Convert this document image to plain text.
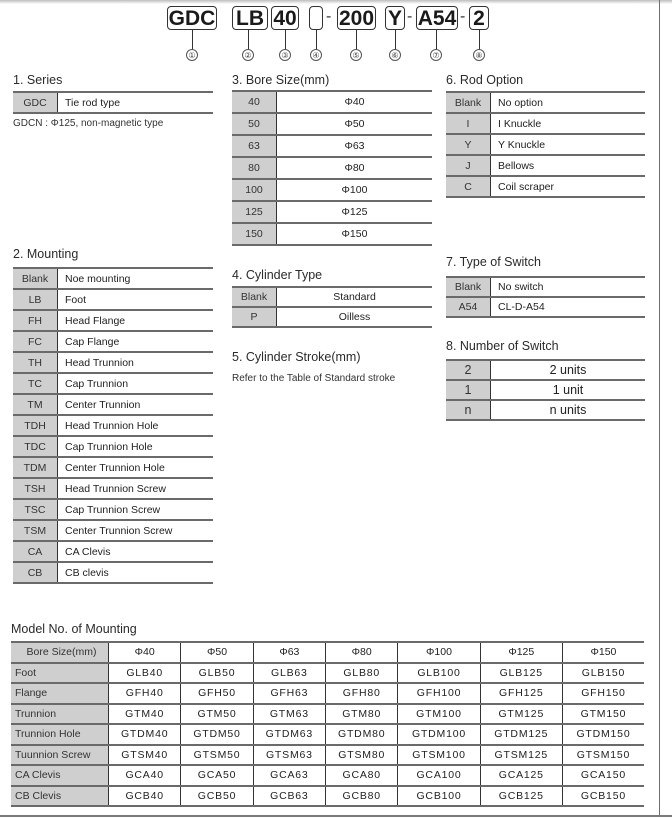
GDC LB 40 - 200 Y - A54 - 2
①	②	③	④	⑤	⑥	⑦	⑧
1. Series
GDC	Tie rod type
GDCN : Φ125, non-magnetic type
2. Mounting
Blank	Noe mounting
LB	Foot
FH	Head Flange
FC	Cap Flange
TH	Head Trunnion
TC	Cap Trunnion
TM	Center Trunnion
TDH	Head Trunnion Hole
TDC	Cap Trunnion Hole
TDM	Center Trunnion Hole
TSH	Head Trunnion Screw
TSC	Cap Trunnion Screw
TSM	Center Trunnion Screw
CA	CA Clevis
CB	CB clevis
3. Bore Size(mm)
40	Φ40
50	Φ50
63	Φ63
80	Φ80
100	Φ100
125	Φ125
150	Φ150
4. Cylinder Type
Blank	Standard
P	Oilless
5. Cylinder Stroke(mm)
Refer to the Table of Standard stroke
6. Rod Option
Blank	No option
I	I Knuckle
Y	Y Knuckle
J	Bellows
C	Coil scraper
7. Type of Switch
Blank	No switch
A54	CL-D-A54
8. Number of Switch
2	2 units
1	1 unit
n	n units
Model No. of Mounting
Bore Size(mm)	Φ40	Φ50	Φ63	Φ80	Φ100	Φ125	Φ150
Foot	GLB40	GLB50	GLB63	GLB80	GLB100	GLB125	GLB150
Flange	GFH40	GFH50	GFH63	GFH80	GFH100	GFH125	GFH150
Trunnion	GTM40	GTM50	GTM63	GTM80	GTM100	GTM125	GTM150
Trunnion Hole	GTDM40	GTDM50	GTDM63	GTDM80	GTDM100	GTDM125	GTDM150
Tuunnion Screw	GTSM40	GTSM50	GTSM63	GTSM80	GTSM100	GTSM125	GTSM150
CA Clevis	GCA40	GCA50	GCA63	GCA80	GCA100	GCA125	GCA150
CB Clevis	GCB40	GCB50	GCB63	GCB80	GCB100	GCB125	GCB150
